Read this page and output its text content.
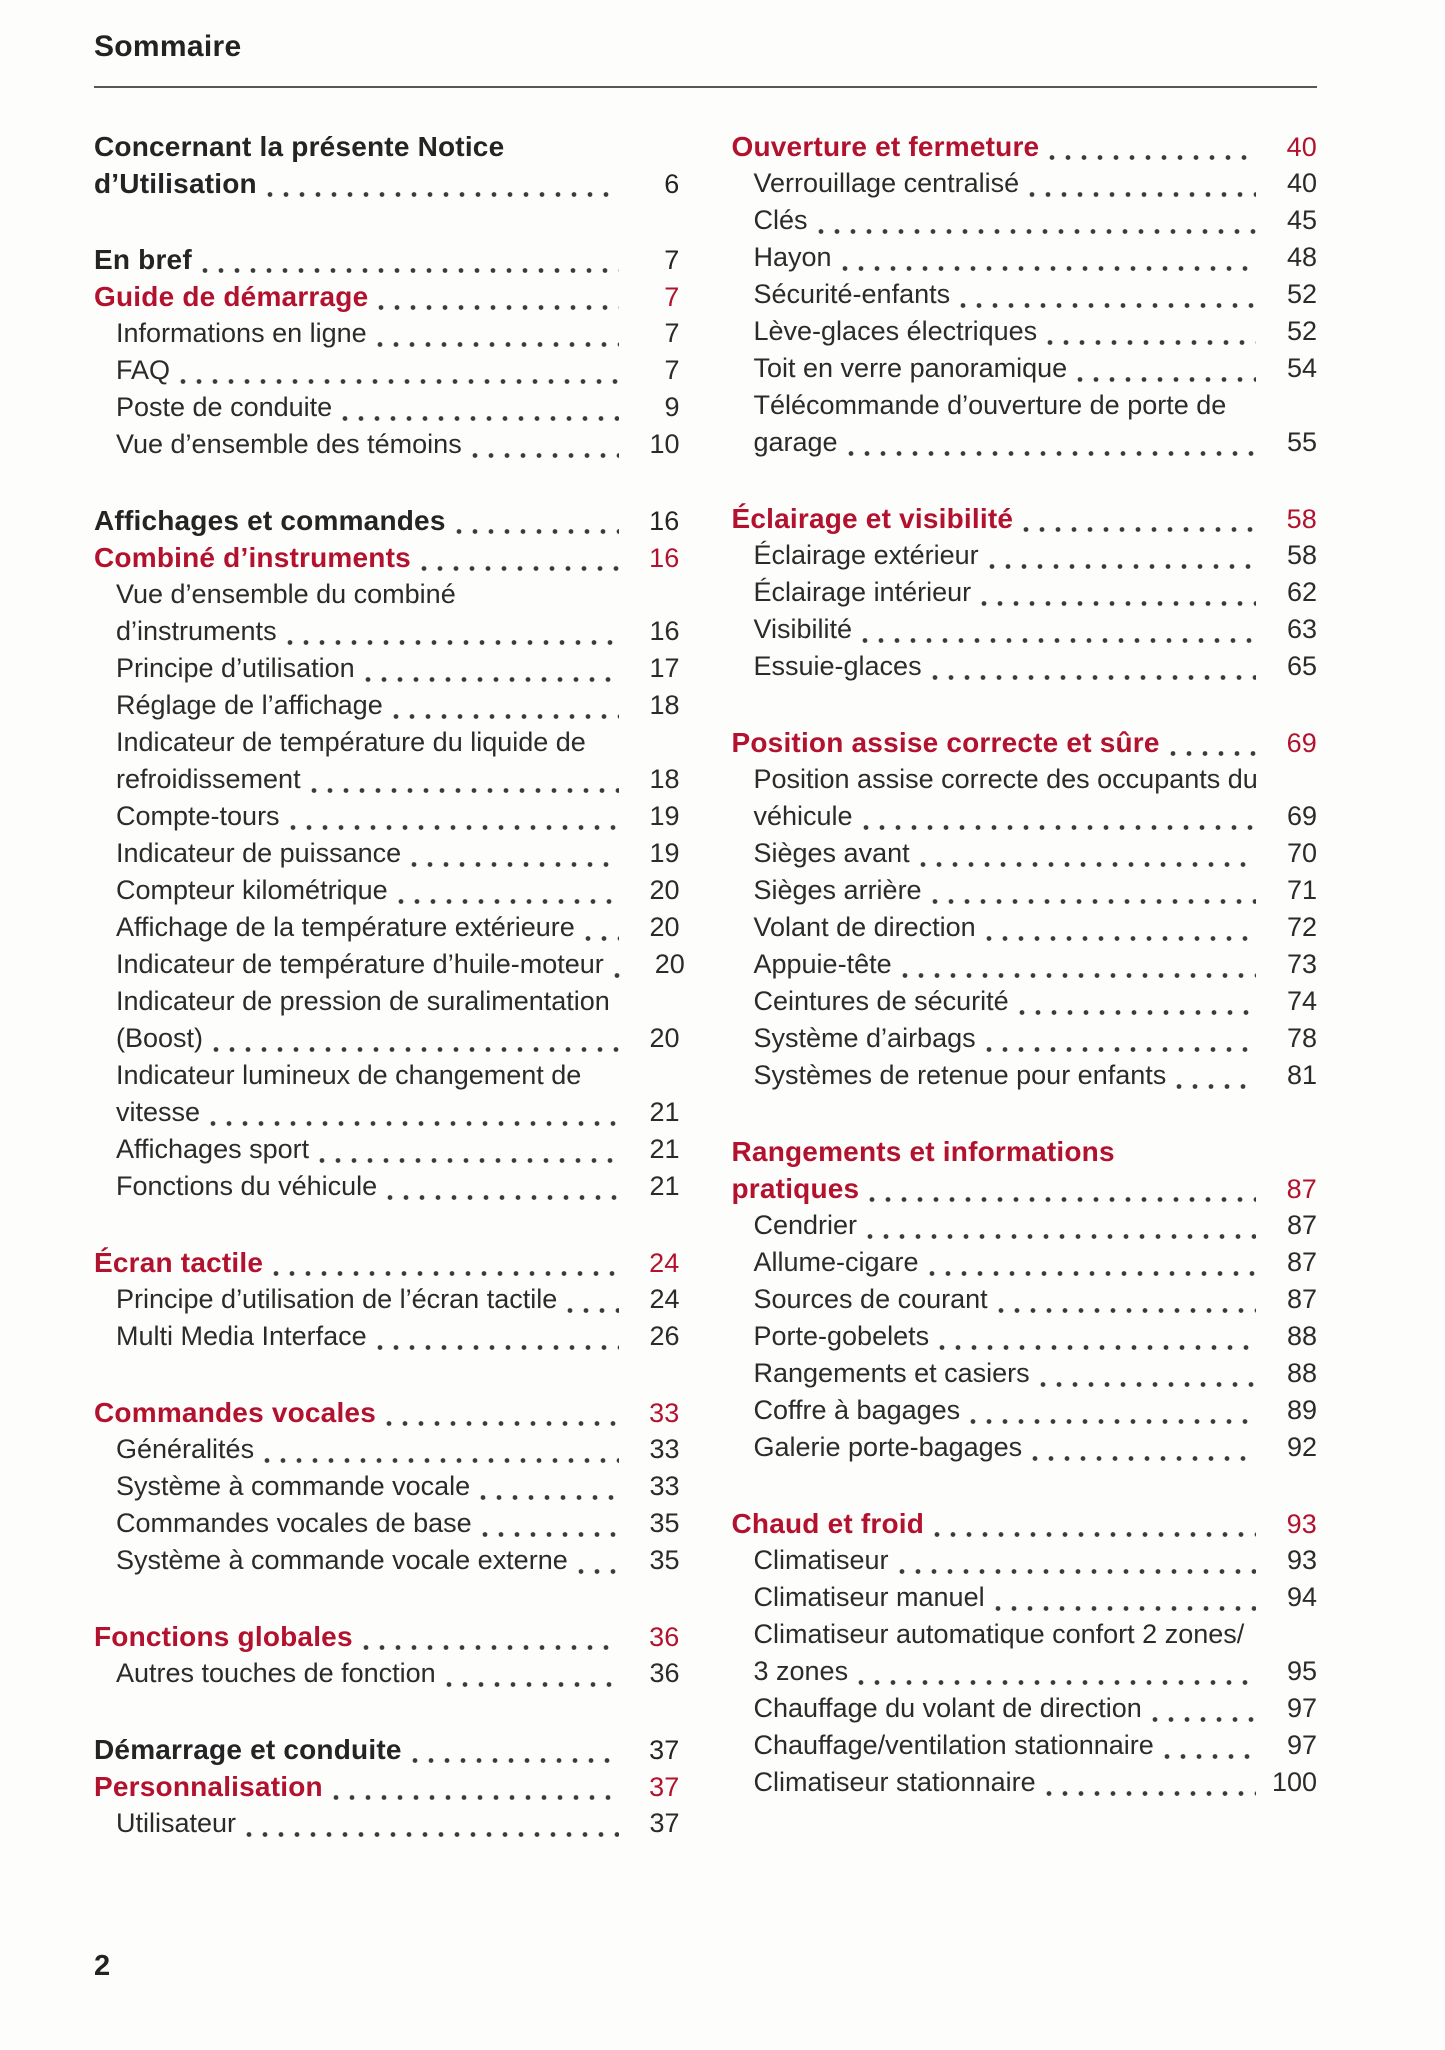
Sommaire
Concernant la présente Notice
d’Utilisation	6
En bref	7
Guide de démarrage	7
Informations en ligne	7
FAQ	7
Poste de conduite	9
Vue d’ensemble des témoins	10
Affichages et commandes	16
Combiné d’instruments	16
Vue d’ensemble du combiné
d’instruments	16
Principe d’utilisation	17
Réglage de l’affichage	18
Indicateur de température du liquide de
refroidissement	18
Compte-tours	19
Indicateur de puissance	19
Compteur kilométrique	20
Affichage de la température extérieure	20
Indicateur de température d’huile-moteur	20
Indicateur de pression de suralimentation
(Boost)	20
Indicateur lumineux de changement de
vitesse	21
Affichages sport	21
Fonctions du véhicule	21
Écran tactile	24
Principe d’utilisation de l’écran tactile	24
Multi Media Interface	26
Commandes vocales	33
Généralités	33
Système à commande vocale	33
Commandes vocales de base	35
Système à commande vocale externe	35
Fonctions globales	36
Autres touches de fonction	36
Démarrage et conduite	37
Personnalisation	37
Utilisateur	37
Ouverture et fermeture	40
Verrouillage centralisé	40
Clés	45
Hayon	48
Sécurité-enfants	52
Lève-glaces électriques	52
Toit en verre panoramique	54
Télécommande d’ouverture de porte de
garage	55
Éclairage et visibilité	58
Éclairage extérieur	58
Éclairage intérieur	62
Visibilité	63
Essuie-glaces	65
Position assise correcte et sûre	69
Position assise correcte des occupants du
véhicule	69
Sièges avant	70
Sièges arrière	71
Volant de direction	72
Appuie-tête	73
Ceintures de sécurité	74
Système d’airbags	78
Systèmes de retenue pour enfants	81
Rangements et informations
pratiques	87
Cendrier	87
Allume-cigare	87
Sources de courant	87
Porte-gobelets	88
Rangements et casiers	88
Coffre à bagages	89
Galerie porte-bagages	92
Chaud et froid	93
Climatiseur	93
Climatiseur manuel	94
Climatiseur automatique confort 2 zones/
3 zones	95
Chauffage du volant de direction	97
Chauffage/ventilation stationnaire	97
Climatiseur stationnaire	100
2
